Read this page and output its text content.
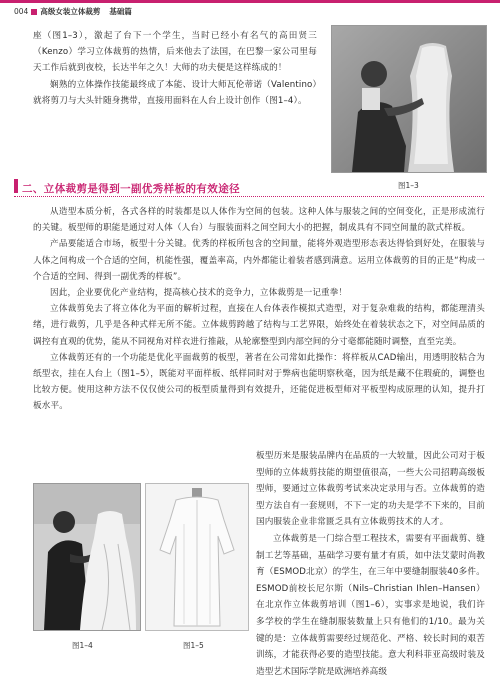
004 高级女装立体裁剪 基础篇

座（图1–3），激起了台下一个学生，当时已经小有名气的高田贤三（Kenzo）学习立体裁剪的热情，后来他去了法国，在巴黎一家公司里每天工作后就到夜校，长达半年之久！大师的功夫便是这样练成的！

娴熟的立体操作技能最终成了本能、设计大师瓦伦蒂诺（Valentino）就将剪刀与大头针随身携带，直接用面料在人台上设计创作（图1–4）。

图1–3
二、立体裁剪是得到一副优秀样板的有效途径

从造型本质分析，各式各样的时装都是以人体作为空间的包装。这种人体与服装之间的空间变化，正是形成流行的关键。板型师的职能是通过对人体（人台）与服装面料之间空间大小的把握，制成具有不同空间量的款式样板。

产品要能适合市场，板型十分关键。优秀的样板所包含的空间量，能将外观造型形态表达得恰到好处，在服装与人体之间构成一个合适的空间，机能性强，覆盖率高，内外都能让着装者感到满意。运用立体裁剪的目的正是“构成一个合适的空间、得到一副优秀的样板”。

因此，企业要优化产业结构，提高核心技术的竞争力，立体裁剪是一记重拳！

立体裁剪免去了将立体化为平面的解析过程，直接在人台体表作模拟式造型，对于复杂难裁的结构，都能理清头绪，进行裁剪，几乎是各种式样无所不能。立体裁剪跨越了结构与工艺界限，始终处在着装状态之下，对空间品质的调控有直观的优势，能从不同视角对样衣进行推敲，从轮廓整型到内部空间的分寸毫都能随时调整，直至完美。

立体裁剪还有的一个功能是优化平面裁剪的板型，著者在公司常如此操作：将样板从CAD输出，用透明胶粘合为纸型衣，挂在人台上（图1–5），既能对平面样板、纸样同时对于弊病也能明察秋毫，因为纸是藏不住瑕疵的，调整也比较方便。使用这种方法不仅仅使公司的板型质量得到有效提升，还能促进板型师对平板型构成原理的认知，提升打板水平。

板型历来是服装品牌内在品质的一大较量，因此公司对于板型师的立体裁剪技能的期望值很高，一些大公司招聘高级板型师，要通过立体裁剪考试来决定录用与否。立体裁剪的造型方法自有一套规则，不下一定的功夫是学不下来的，目前国内服装企业非常匮乏具有立体裁剪技术的人才。

立体裁剪是一门综合型工程技术，需要有平面裁剪、缝制工艺等基础，基础学习要有量才有质，如中法艾蒙时尚教育（ESMOD北京）的学生，在三年中要缝制服装40多件。ESMOD前校长尼尔斯（Nils–Christian Ihlen–Hansen）在北京作立体裁剪培训（图1–6），实事求是地说，我们许多学校的学生在缝制服装数量上只有他们的1/10。最为关键的是：立体裁剪需要经过规范化、严格、较长时间的艰苦训练，才能获得必要的造型技能。意大利科菲亚高级时装及造型艺术国际学院是欧洲培养高级

图1–4	图1–5
